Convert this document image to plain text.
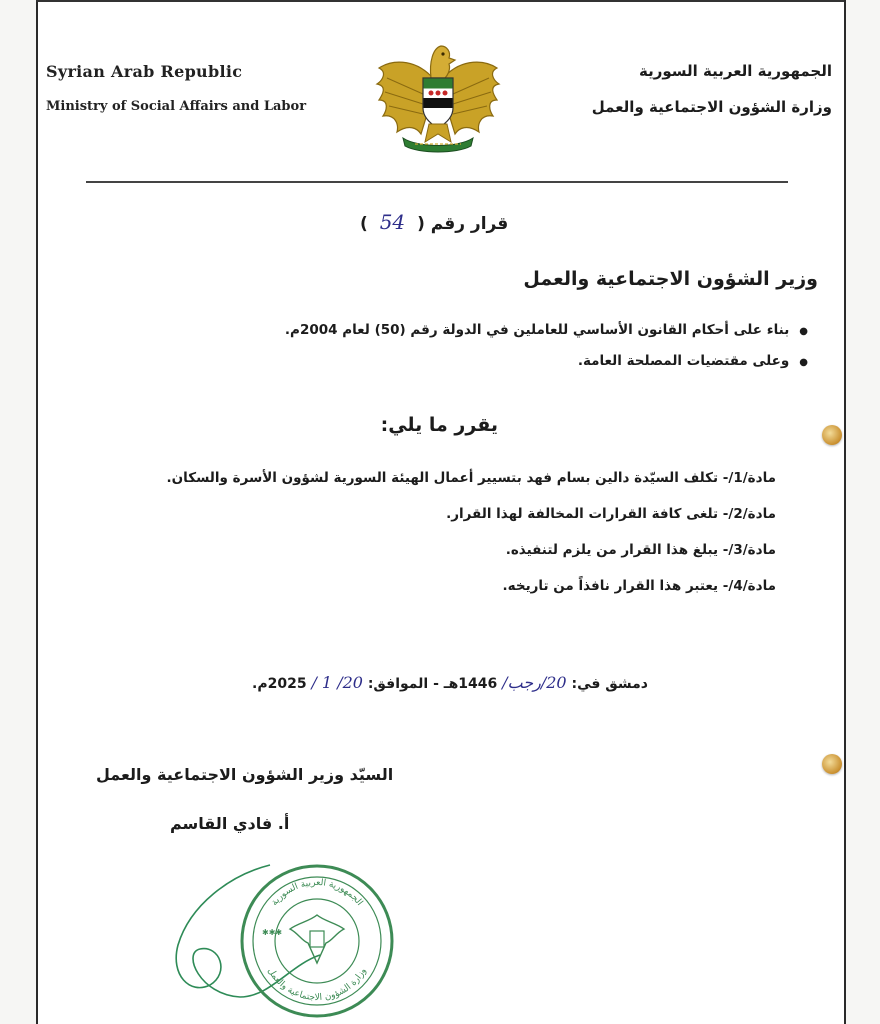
Syrian Arab Republic
Ministry of Social Affairs and Labor
الجمهورية العربية السورية
وزارة الشؤون الاجتماعية والعمل
قرار رقم ( 54 )
وزير الشؤون الاجتماعية والعمل
● بناء على أحكام القانون الأساسي للعاملين في الدولة رقم (50) لعام 2004م.
● وعلى مقتضيات المصلحة العامة.
يقرر ما يلي:
مادة/1/- تكلف السيّدة دالين بسام فهد بتسيير أعمال الهيئة السورية لشؤون الأسرة والسكان.
مادة/2/- تلغى كافة القرارات المخالفة لهذا القرار.
مادة/3/- يبلغ هذا القرار من يلزم لتنفيذه.
مادة/4/- يعتبر هذا القرار نافذاً من تاريخه.
دمشق في: 20/رجب/ 1446هـ - الموافق: 20/ 1 / 2025م.
السيّد وزير الشؤون الاجتماعية والعمل
أ. فادي القاسم
الجمهورية العربية السورية
وزارة الشؤون الاجتماعية والعمل
✱✱✱
